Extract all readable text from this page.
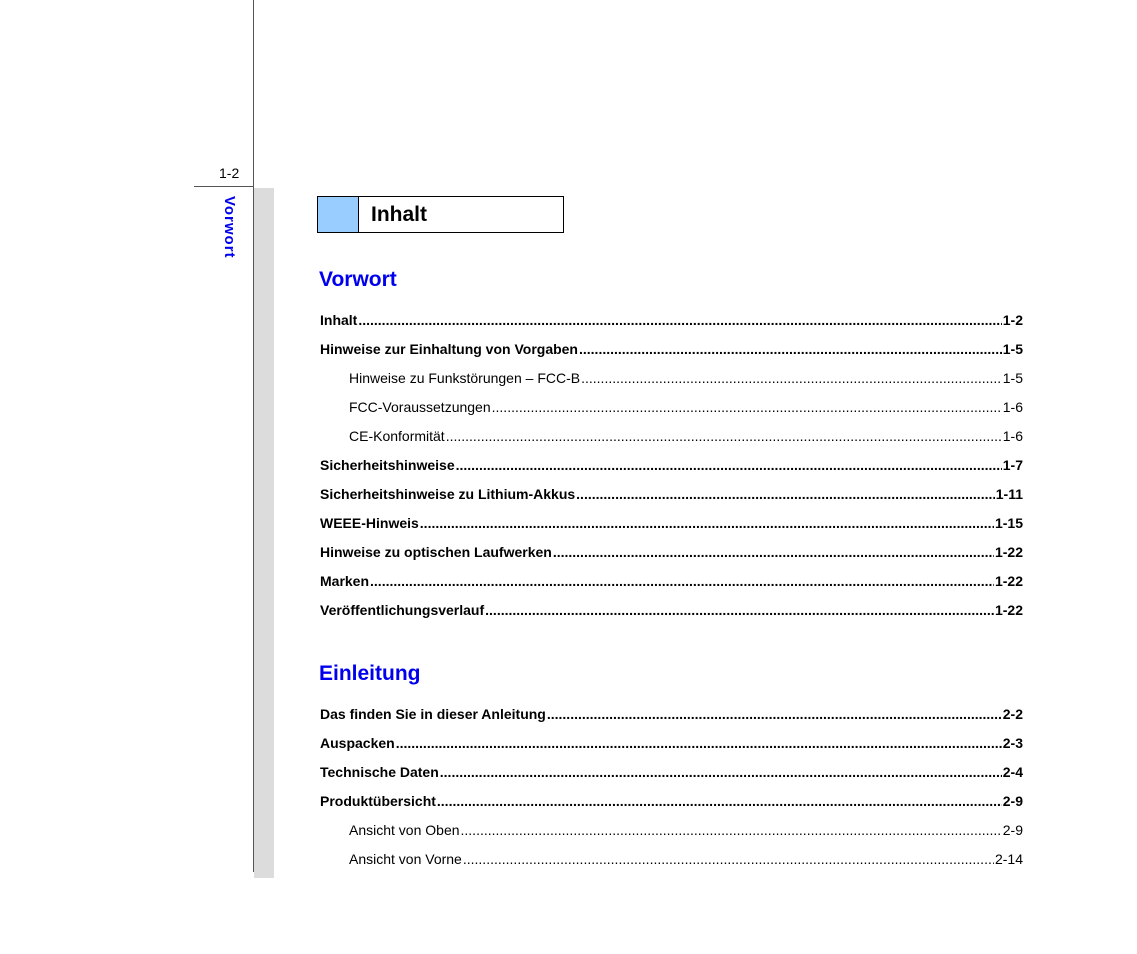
1-2
Vorwort	Inhalt
Vorwort
Inhalt .....	1-2
Hinweise zur Einhaltung von Vorgaben .....	1-5
Hinweise zu Funkstörungen – FCC-B .....	1-5
FCC-Voraussetzungen .....	1-6
CE-Konformität .....	1-6
Sicherheitshinweise .....	1-7
Sicherheitshinweise zu Lithium-Akkus .....	1-11
WEEE-Hinweis .....	1-15
Hinweise zu optischen Laufwerken .....	1-22
Marken .....	1-22
Veröffentlichungsverlauf .....	1-22
Einleitung
Das finden Sie in dieser Anleitung .....	2-2
Auspacken .....	2-3
Technische Daten .....	2-4
Produktübersicht .....	2-9
Ansicht von Oben .....	2-9
Ansicht von Vorne .....	2-14
